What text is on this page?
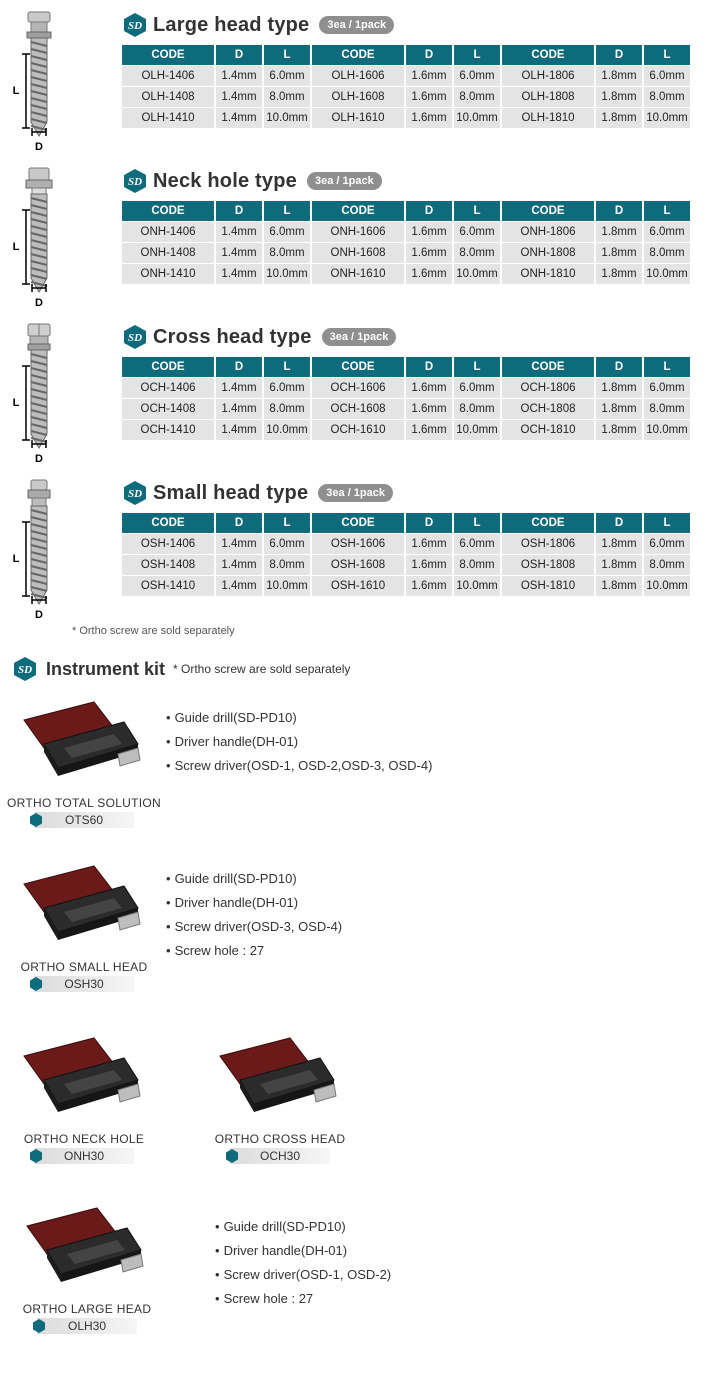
L
D
SD Large head type	3ea / 1pack
CODE	D	L	CODE	D	L	CODE	D	L
OLH-1406	1.4mm	6.0mm	OLH-1606	1.6mm	6.0mm	OLH-1806	1.8mm	6.0mm
OLH-1408	1.4mm	8.0mm	OLH-1608	1.6mm	8.0mm	OLH-1808	1.8mm	8.0mm
OLH-1410	1.4mm	10.0mm	OLH-1610	1.6mm	10.0mm	OLH-1810	1.8mm	10.0mm
L
D
SD Neck hole type	3ea / 1pack
CODE	D	L	CODE	D	L	CODE	D	L
ONH-1406	1.4mm	6.0mm	ONH-1606	1.6mm	6.0mm	ONH-1806	1.8mm	6.0mm
ONH-1408	1.4mm	8.0mm	ONH-1608	1.6mm	8.0mm	ONH-1808	1.8mm	8.0mm
ONH-1410	1.4mm	10.0mm	ONH-1610	1.6mm	10.0mm	ONH-1810	1.8mm	10.0mm
L
D
SD Cross head type	3ea / 1pack
CODE	D	L	CODE	D	L	CODE	D	L
OCH-1406	1.4mm	6.0mm	OCH-1606	1.6mm	6.0mm	OCH-1806	1.8mm	6.0mm
OCH-1408	1.4mm	8.0mm	OCH-1608	1.6mm	8.0mm	OCH-1808	1.8mm	8.0mm
OCH-1410	1.4mm	10.0mm	OCH-1610	1.6mm	10.0mm	OCH-1810	1.8mm	10.0mm
L
D
SD Small head type	3ea / 1pack
CODE	D	L	CODE	D	L	CODE	D	L
OSH-1406	1.4mm	6.0mm	OSH-1606	1.6mm	6.0mm	OSH-1806	1.8mm	6.0mm
OSH-1408	1.4mm	8.0mm	OSH-1608	1.6mm	8.0mm	OSH-1808	1.8mm	8.0mm
OSH-1410	1.4mm	10.0mm	OSH-1610	1.6mm	10.0mm	OSH-1810	1.8mm	10.0mm
* Ortho screw are sold separately
SD Instrument kit * Ortho screw are sold separately
ORTHO TOTAL SOLUTION
OTS60
• Guide drill(SD-PD10)
• Driver handle(DH-01)
• Screw driver(OSD-1, OSD-2,OSD-3, OSD-4)
ORTHO SMALL HEAD
OSH30
• Guide drill(SD-PD10)
• Driver handle(DH-01)
• Screw driver(OSD-3, OSD-4)
• Screw hole : 27
ORTHO NECK HOLE
ONH30
ORTHO CROSS HEAD
OCH30
ORTHO LARGE HEAD
OLH30
• Guide drill(SD-PD10)
• Driver handle(DH-01)
• Screw driver(OSD-1, OSD-2)
• Screw hole : 27
